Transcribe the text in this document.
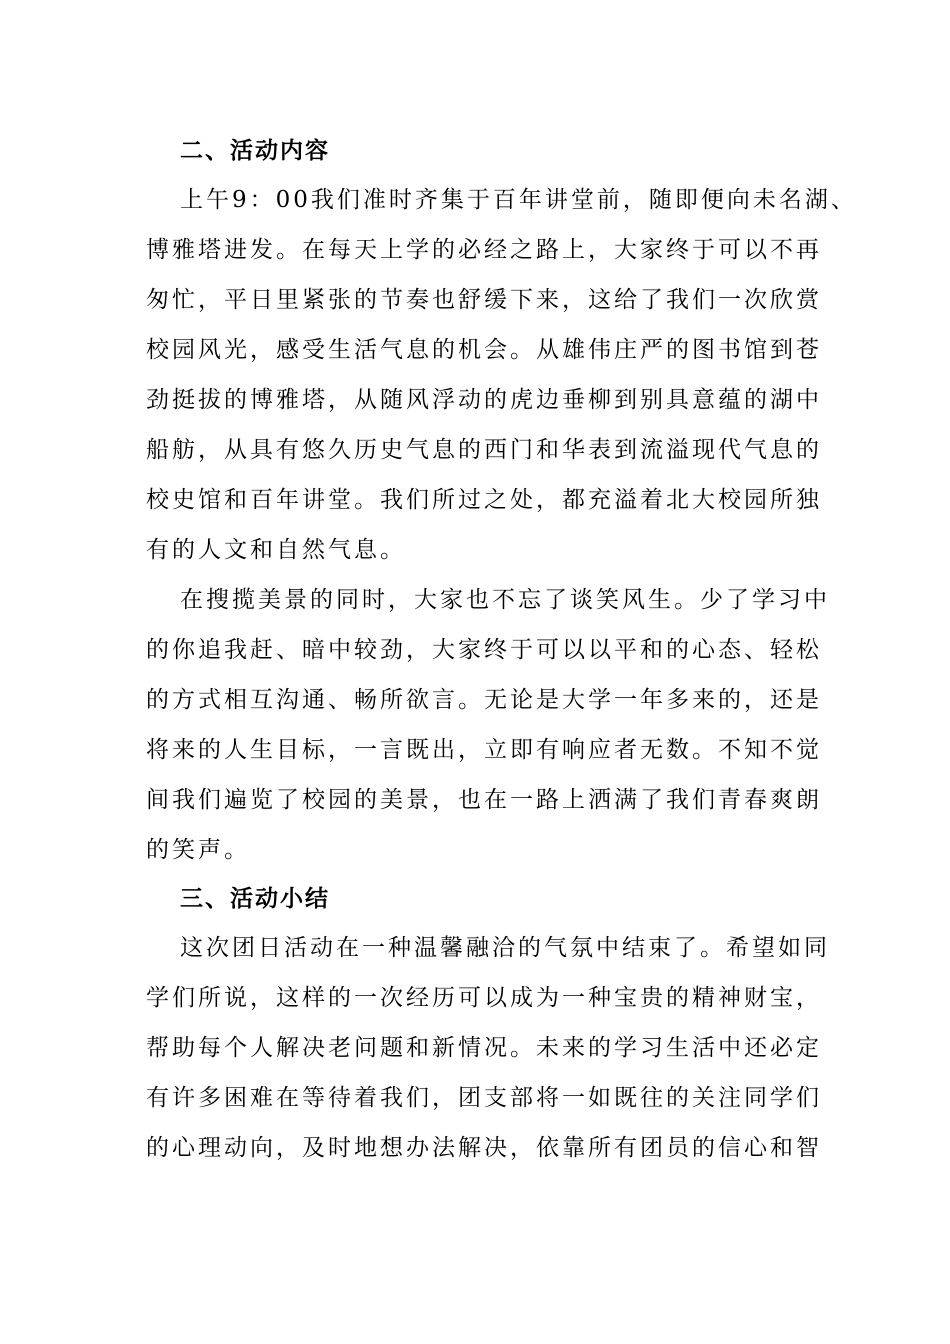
二、活动内容
上午9：00我们准时齐集于百年讲堂前，随即便向未名湖、
博雅塔进发。在每天上学的必经之路上，大家终于可以不再
匆忙，平日里紧张的节奏也舒缓下来，这给了我们一次欣赏
校园风光，感受生活气息的机会。从雄伟庄严的图书馆到苍
劲挺拔的博雅塔，从随风浮动的虎边垂柳到别具意蕴的湖中
船舫，从具有悠久历史气息的西门和华表到流溢现代气息的
校史馆和百年讲堂。我们所过之处，都充溢着北大校园所独
有的人文和自然气息。
在搜揽美景的同时，大家也不忘了谈笑风生。少了学习中
的你追我赶、暗中较劲，大家终于可以以平和的心态、轻松
的方式相互沟通、畅所欲言。无论是大学一年多来的，还是
将来的人生目标，一言既出，立即有响应者无数。不知不觉
间我们遍览了校园的美景，也在一路上洒满了我们青春爽朗
的笑声。
三、活动小结
这次团日活动在一种温馨融洽的气氛中结束了。希望如同
学们所说，这样的一次经历可以成为一种宝贵的精神财宝，
帮助每个人解决老问题和新情况。未来的学习生活中还必定
有许多困难在等待着我们，团支部将一如既往的关注同学们
的心理动向，及时地想办法解决，依靠所有团员的信心和智
